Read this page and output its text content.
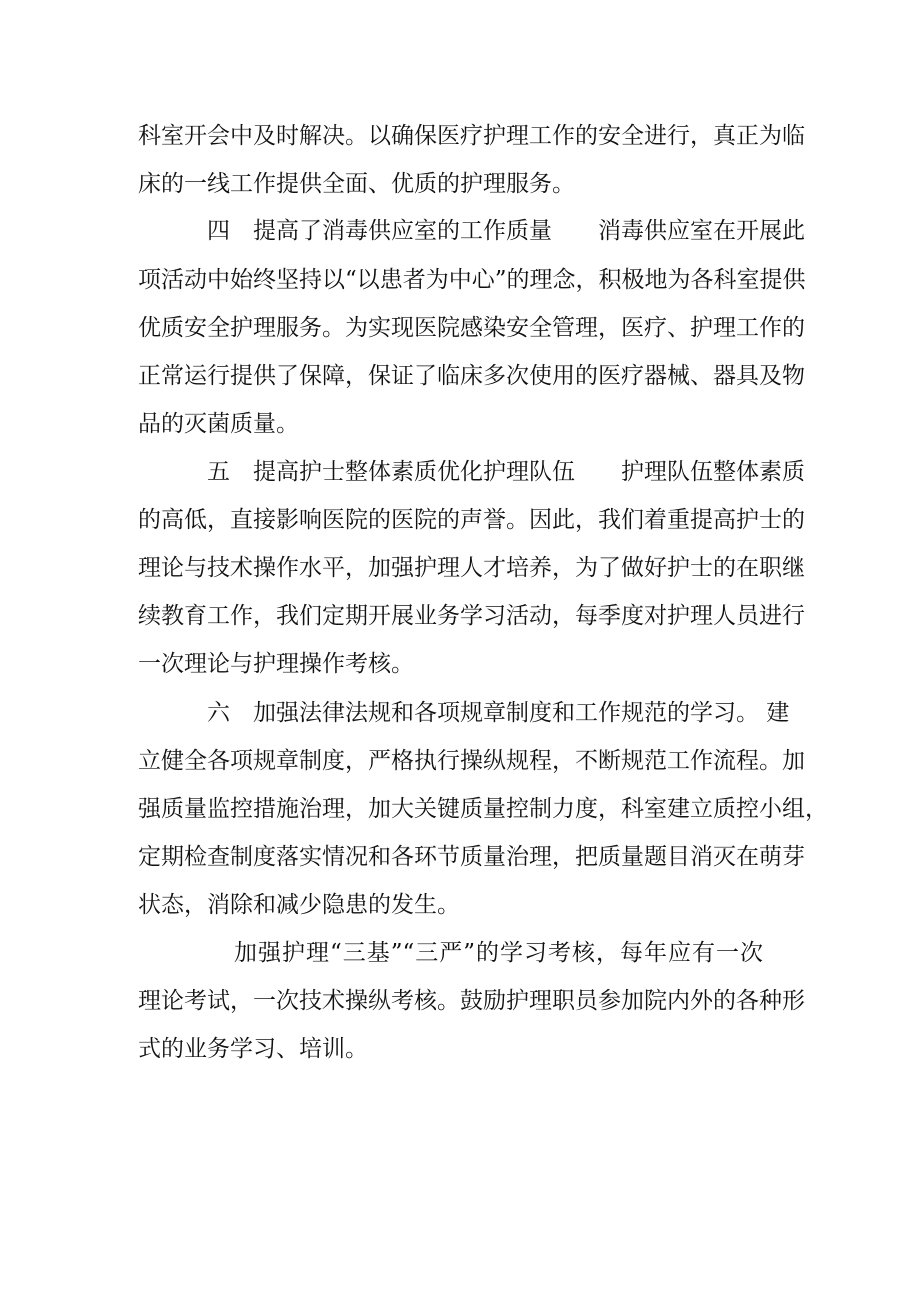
科室开会中及时解决。以确保医疗护理工作的安全进行，真正为临
床的一线工作提供全面、优质的护理服务。
　　　四　提高了消毒供应室的工作质量　　消毒供应室在开展此
项活动中始终坚持以“以患者为中心”的理念，积极地为各科室提供
优质安全护理服务。为实现医院感染安全管理，医疗、护理工作的
正常运行提供了保障，保证了临床多次使用的医疗器械、器具及物
品的灭菌质量。
　　　五　提高护士整体素质优化护理队伍　　护理队伍整体素质
的高低，直接影响医院的医院的声誉。因此，我们着重提高护士的
理论与技术操作水平，加强护理人才培养，为了做好护士的在职继
续教育工作，我们定期开展业务学习活动，每季度对护理人员进行
一次理论与护理操作考核。
　　　六　加强法律法规和各项规章制度和工作规范的学习。 建
立健全各项规章制度，严格执行操纵规程，不断规范工作流程。加
强质量监控措施治理，加大关键质量控制力度，科室建立质控小组，
定期检查制度落实情况和各环节质量治理，把质量题目消灭在萌芽
状态，消除和减少隐患的发生。
　　　　加强护理“三基”“三严”的学习考核，每年应有一次
理论考试，一次技术操纵考核。鼓励护理职员参加院内外的各种形
式的业务学习、培训。
